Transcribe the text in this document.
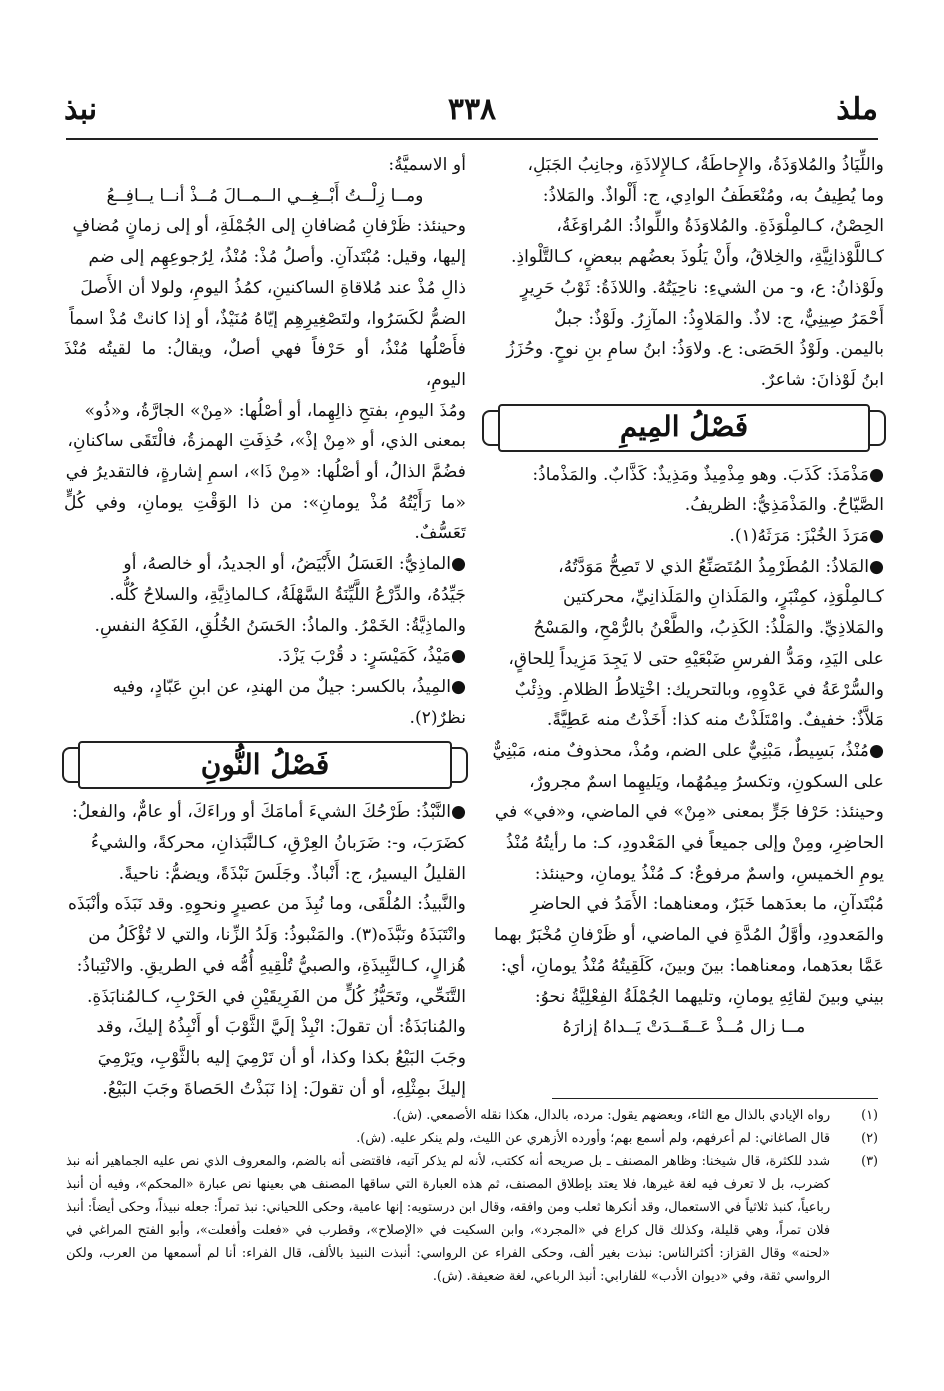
ملذ
٣٣٨
نبذ

واللِّيَاذُ والمُلاوَذَةُ، والإِحاطَةُ، كـالإِلاذَةِ، وجانِبُ الجَبَلِ،

وما يُطِيفُ به، ومُنْعَطَفُ الوادِي، ج: أَلْواذٌ. والمَلاذُ:

الحِصْنُ، كـالمِلْوَذَةِ. والمُلاوَذَةُ واللِّواذُ: المُراوَغَةُ،

كـاللَّوْذانِيَّةِ، والخِلاقُ، وأَنْ يَلُوذَ بعضُهم ببعضٍ، كـالتَّلْواذِ.

ولَوْذانُ: ع، و- من الشيءِ: ناحِيَتُهُ. واللاذَةُ: ثَوْبُ حَرِيرٍ

أَحْمَرُ صِينِيٌّ، ج: لاذٌ. والمَلاوِذُ: المآزِرُ. ولَوْذٌ: جبلٌ

باليمن. ولَوْذُ الحَصَى: ع. ولاوَذُ: ابنُ سامِ بنِ نوحٍ. وحُزَزُ

ابنُ لَوْذانَ: شاعرٌ.

فَصْلُ المِيمِ

●مَذْمَذَ: كَذَبَ. وهو مِذْمِيذٌ ومَذِيذٌ: كَذَّابٌ. والمَذْماذُ:

الصَّيّاحُ. والمَذْمَذِيُّ: الظريفُ.

●مَرَذَ الخُبْزَ: مَرَثَهُ(١).

●المَلاذُ: المُطَرْمِذُ المُتَصَنِّعُ الذي لا تَصِحُّ مَوَدَّتُهُ،

كـالمِلْوَذِ، كمِنْبَرٍ، والمَلَذانِ والمَلَذانِيِّ، محركتين

والمَلاذِيِّ. والمَلْذُ: الكَذِبُ، والطَّعْنُ بالرُّمْحِ، والمَسْحُ

على اليَدِ، ومَدُّ الفرسِ ضَبْعَيْهِ حتى لا يَجِدَ مَزِيداً لِلحاقٍ،

والسُّرْعَةُ في عَدْوِهِ، وبالتحريك: اخْتِلاطُ الظلامِ. وذِئْبٌ

مَلاَّذٌ: خفيفٌ. وامْتَلَذْتُ منه كذا: أَخَذْتُ منه عَطِيَّةً.

●مُنْذُ، بَسِيطٌ، مَبْنِيٌّ على الضم، ومُذْ، محذوفٌ منه، مَبْنِيٌّ

على السكونِ، وتكسرُ مِيمُهُما، ويَليهِما اسمٌ مجرورٌ،

وحينئذ: حَرْفا جَرٍّ بمعنى «مِنْ» في الماضي، و«في» في

الحاضِرِ، ومِنْ وإلى جميعاً في المَعْدودِ، كـ: ما رأيتُهُ مُنْذُ

يومِ الخميسِ، واسمٌ مرفوعٌ: كـ مُنْذُ يومانِ، وحينئذ:

مُبْتَدآنِ، ما بعدَهما خَبَرٌ، ومعناهما: الأَمَدُ في الحاضرِ

والمَعدودِ، وأوَّلُ المُدَّةِ في الماضي، أو ظَرْفانِ مُخْبَرٌ بهما

عَمَّا بعدَهما، ومعناهما: بينَ وبينَ، كَلَقِيتُهُ مُنْذُ يومانِ، أي:

بيني وبينَ لقائِهِ يومانِ، وتليهما الجُمْلَةُ الفِعْلِيَّةُ نحوُ:

مــا زال مُــذْ عَــقَــدَتْ يَــداهُ إزارَهُ

أو الاسميَّةُ:

ومــا زِلْــتُ أَبْــغِــي الــمــالَ مُــذْ أنــا يــافِــعُ

وحينئذ: ظَرْفانِ مُضافانِ إلى الجُمْلَةِ، أو إلى زمانٍ مُضافٍ

إليها، وقيل: مُبْتَدآنِ. وأصلُ مُذْ: مُنْذُ، لِرُجوعِهِم إلى ضم

ذالِ مُذْ عند مُلاقاةِ الساكنينِ، كمُذُ اليومِ، ولولا أن الأَصلَ

الضمُّ لكَسَرُوا، ولتَصْغِيرِهِم إيّاهُ مُنَيْذٌ، أو إذا كانتْ مُذْ اسماً

فأَصْلُها مُنْذُ، أو حَرْفاً فهي أصلٌ، ويقالُ: ما لقيتُه مُنْذَ اليومِ،

ومُذَ اليومِ، بفتحِ ذالِهِما، أو أصْلُها: «مِنْ» الجارَّةُ، و«ذُو»

بمعنى الذي، أو «مِنْ إذْ»، حُذِفَتِ الهمزةُ، فالْتَقَى ساكنانِ،

فضُمَّ الذالُ، أو أصْلُها: «مِنْ ذَا»، اسمِ إشارةٍ، فالتقديرُ في

«ما رَأَيْتُهُ مُذْ يومانِ»: من ذا الوَقْتِ يومانِ، وفي كُلٍّ تَعَسُّفٌ.

●الماذِيُّ: العَسَلُ الأَبْيَضُ، أو الجديدُ، أو خالصهُ، أو

جَيِّدُهُ، والدِّرْعُ اللَّيِّنَةُ السَّهْلَةُ، كـالماذِيَّةِ، والسلاحُ كُلُّه.

والماذِيَّةُ: الخَمْرُ. والماذُ: الحَسَنُ الخُلُقِ، الفَكِهُ النفسِ.

●مَيْذُ، كَمَيْسَرٍ: د قُرْبَ يَزْدَ.

●المِيذُ، بالكسر: جيلٌ من الهندِ، عن ابنِ عَبّادٍ، وفيه

نظرٌ(٢).

فَصْلُ النُّونِ

●النَّبْذُ: طَرْحُكَ الشيءَ أمامَكَ أو وراءَكَ، أو عامٌّ، والفعلُ:

كضَرَبَ، و-: ضَرَبانُ العِرْقِ، كـالنَّبَذانِ، محركةً، والشيءُ

القليلُ اليسيرُ، ج: أَنْباذٌ. وجَلَسَ نَبْذَةً، ويضمُّ: ناحيةً.

والنَّبيذُ: المُلْقَى، وما نُبِذَ من عصيرٍ ونحوِهِ. وقد نَبَذَه وأنْبَذَه

وانْتَبَذَهُ ونَبَّذَه(٣). والمَنْبوذُ: وَلَدُ الزِّنا، والتي لا تُؤْكَلُ من

هُزالٍ، كـالنَّبِيذَةِ، والصبيُّ تُلْقِيهِ أُمُّه في الطريقِ. والانْتِباذُ:

التَّنَحِّي، وتَحَيُّزُ كُلٍّ من الفَرِيقَيْنِ في الحَرْبِ، كـالمُنابَذَةِ.

والمُنابَذَةُ: أن تقولَ: انْبِذْ إلَيَّ الثَّوْبَ أو أَنْبِذُهُ إليكَ، وقد

وجَبَ البَيْعُ بكذا وكذا، أو أن تَرْمِيَ إليه بالثَّوْبِ، ويَرْمِيَ

إليكَ بمِثْلِهِ، أو أن تقولَ: إذا نَبَذْتُ الحَصاةَ وجَبَ البَيْعُ.

(١)
رواه الإيادي بالذال مع الثاء، وبعضهم يقول: مرده، بالدال، هكذا نقله الأصمعي. (ش).
(٢)
قال الصاغاني: لم أعرفهم، ولم أسمع بهم؛ وأورده الأزهري عن الليث، ولم ينكر عليه. (ش).
(٣)
شدد للكثرة، قال شيخنا: وظاهر المصنف ـ بل صريحه أنه ككتب، لأنه لم يذكر آتيه، فاقتضى أنه بالضم، والمعروف الذي نص عليه الجماهير أنه نبذ كضرب، بل لا تعرف فيه لغة غيرها، فلا يعتد بإطلاق المصنف، ثم هذه العبارة التي ساقها المصنف هي بعينها نص عبارة «المحكم»، وفيه أن أنبذ رباعياً، كنبذ ثلاثياً في الاستعمال، وقد أنكرها ثعلب ومن وافقه، وقال ابن درستويه: إنها عامية، وحكى اللحياني: نبذ تمراً: جعله نبيذاً، وحكى أيضاً: أنبذ فلان تمراً، وهي قليلة، وكذلك قال كراع في «المجرد»، وابن السكيت في «الإصلاح»، وقطرب في «فعلت وأفعلت»، وأبو الفتح المراغي في «لحنه» وقال القزاز: أكثرالناس: نبذت بغير ألف، وحكى الفراء عن الرواسي: أنبذت النبيذ بالألف، قال الفراء: أنا لم أسمعها من العرب، ولكن الرواسي ثقة، وفي «ديوان الأدب» للفارابي: أنبذ الرباعي، لغة ضعيفة. (ش).
